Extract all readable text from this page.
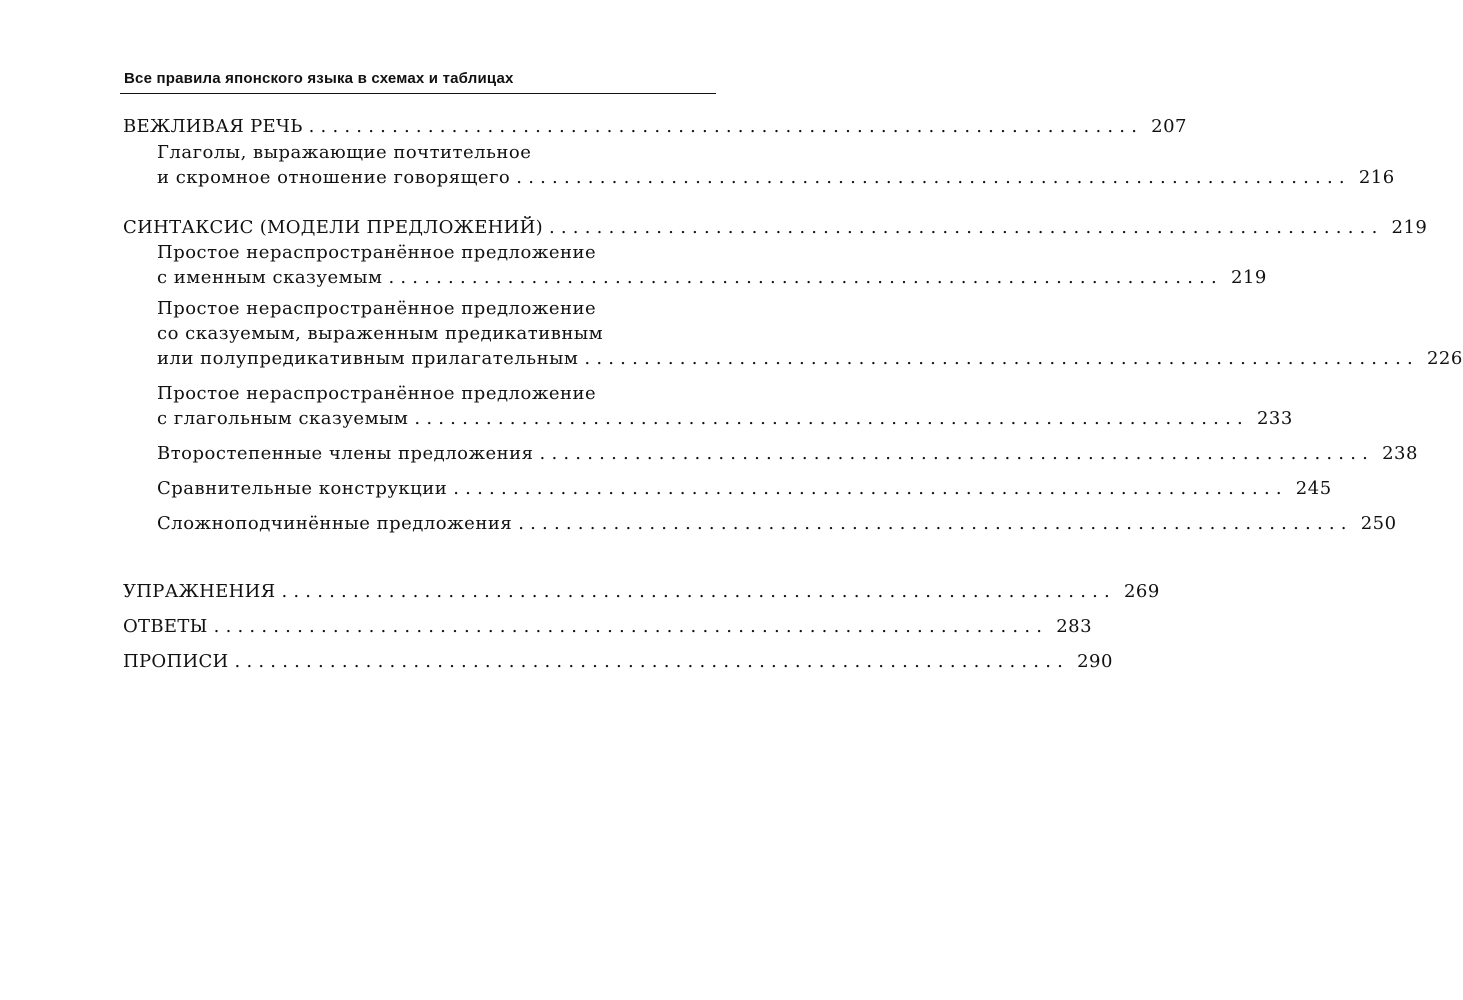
Все правила японского языка в схемах и таблицах
ВЕЖЛИВАЯ РЕЧЬ ...................................................................... 207
Глаголы, выражающие почтительное
и скромное отношение говорящего ...................................................................... 216
СИНТАКСИС (МОДЕЛИ ПРЕДЛОЖЕНИЙ) ...................................................................... 219
Простое нераспространённое предложение
с именным сказуемым ...................................................................... 219
Простое нераспространённое предложение
со сказуемым, выраженным предикативным
или полупредикативным прилагательным ...................................................................... 226
Простое нераспространённое предложение
с глагольным сказуемым ...................................................................... 233
Второстепенные члены предложения ...................................................................... 238
Сравнительные конструкции ...................................................................... 245
Сложноподчинённые предложения ...................................................................... 250
УПРАЖНЕНИЯ ...................................................................... 269
ОТВЕТЫ ...................................................................... 283
ПРОПИСИ ...................................................................... 290
